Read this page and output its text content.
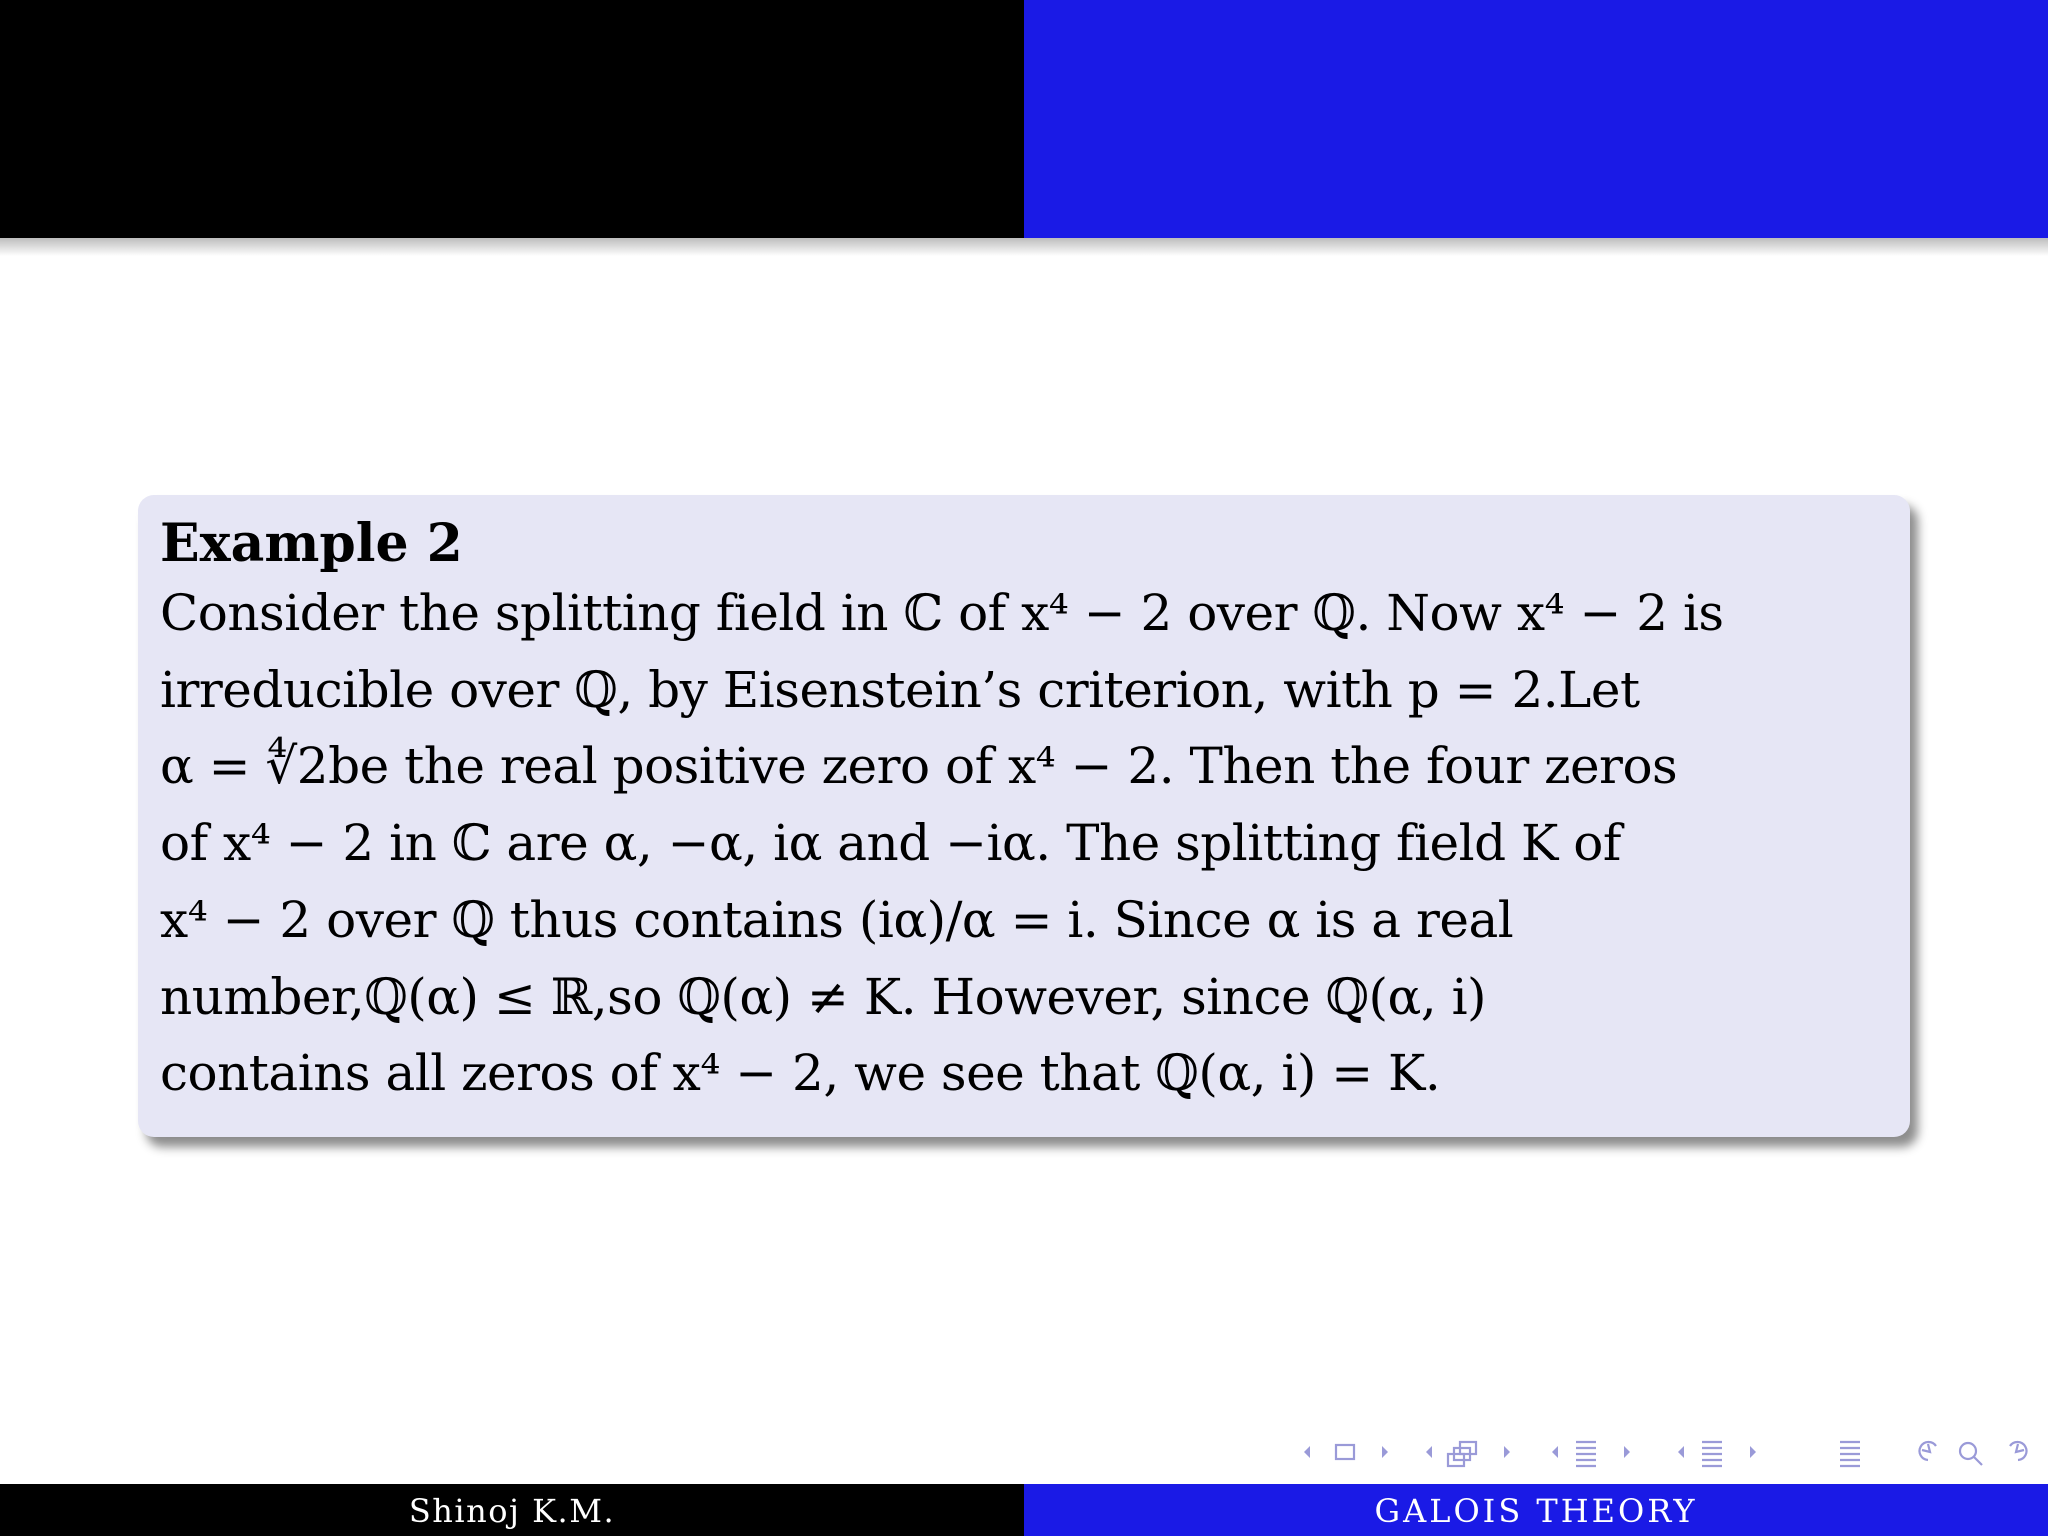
Example 2

Consider the splitting field in ℂ of x⁴ − 2 over ℚ. Now x⁴ − 2 is

irreducible over ℚ, by Eisenstein’s criterion, with p = 2.Let

α = ∜2be the real positive zero of x⁴ − 2. Then the four zeros

of x⁴ − 2 in ℂ are α, −α, iα and −iα. The splitting field K of

x⁴ − 2 over ℚ thus contains (iα)/α = i. Since α is a real

number,ℚ(α) ≤ ℝ,so ℚ(α) ≠ K. However, since ℚ(α, i)

contains all zeros of x⁴ − 2, we see that ℚ(α, i) = K.

Shinoj K.M.	GALOIS THEORY
